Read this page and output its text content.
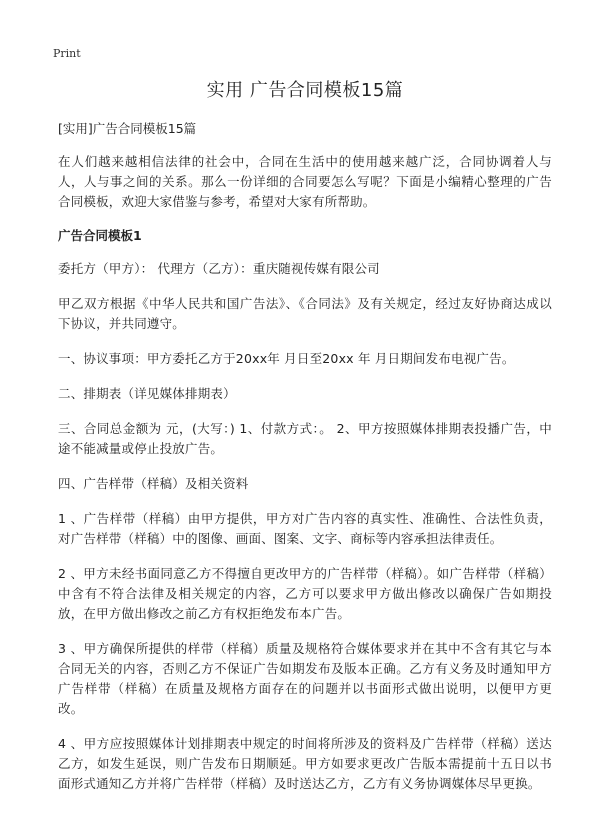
Print
实用 广告合同模板15篇
[实用]广告合同模板15篇

在人们越来越相信法律的社会中，合同在生活中的使用越来越广泛，合同协调着人与人，人与事之间的关系。那么一份详细的合同要怎么写呢？下面是小编精心整理的广告合同模板，欢迎大家借鉴与参考，希望对大家有所帮助。

广告合同模板1

委托方（甲方）： 代理方（乙方）：重庆随视传媒有限公司

甲乙双方根据《中华人民共和国广告法》、《合同法》及有关规定，经过友好协商达成以下协议，并共同遵守。

一、协议事项：甲方委托乙方于20xx年 月日至20xx 年 月日期间发布电视广告。

二、排期表（详见媒体排期表）

三、合同总金额为 元，(大写：) 1、付款方式：。 2、甲方按照媒体排期表投播广告，中途不能减量或停止投放广告。

四、广告样带（样稿）及相关资料

1 、广告样带（样稿）由甲方提供，甲方对广告内容的真实性、准确性、合法性负责，对广告样带（样稿）中的图像、画面、图案、文字、商标等内容承担法律责任。

2 、甲方未经书面同意乙方不得擅自更改甲方的广告样带（样稿）。如广告样带（样稿）中含有不符合法律及相关规定的内容，乙方可以要求甲方做出修改以确保广告如期投放，在甲方做出修改之前乙方有权拒绝发布本广告。

3 、甲方确保所提供的样带（样稿）质量及规格符合媒体要求并在其中不含有其它与本合同无关的内容，否则乙方不保证广告如期发布及版本正确。乙方有义务及时通知甲方广告样带（样稿）在质量及规格方面存在的问题并以书面形式做出说明，以便甲方更改。

4 、甲方应按照媒体计划排期表中规定的时间将所涉及的资料及广告样带（样稿）送达乙方，如发生延误，则广告发布日期顺延。甲方如要求更改广告版本需提前十五日以书面形式通知乙方并将广告样带（样稿）及时送达乙方，乙方有义务协调媒体尽早更换。
